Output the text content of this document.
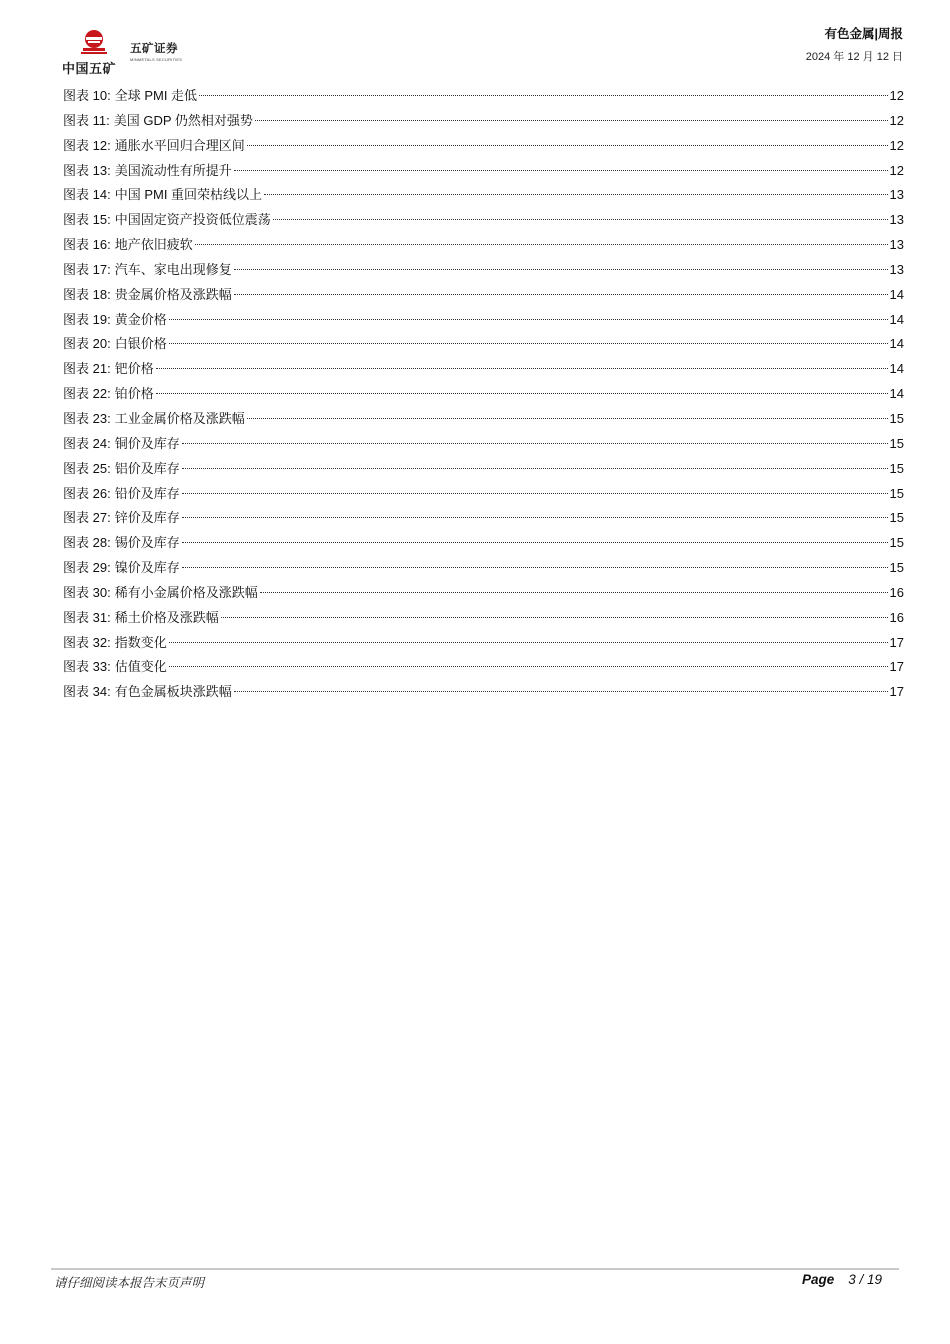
中国五矿
五矿证券
MINMETALS SECURITIES
有色金属|周报
2024 年 12 月 12 日
图表 10: 全球 PMI 走低	12
图表 11: 美国 GDP 仍然相对强势	12
图表 12: 通胀水平回归合理区间	12
图表 13: 美国流动性有所提升	12
图表 14: 中国 PMI 重回荣枯线以上	13
图表 15: 中国固定资产投资低位震荡	13
图表 16: 地产依旧疲软	13
图表 17: 汽车、家电出现修复	13
图表 18: 贵金属价格及涨跌幅	14
图表 19: 黄金价格	14
图表 20: 白银价格	14
图表 21: 钯价格	14
图表 22: 铂价格	14
图表 23: 工业金属价格及涨跌幅	15
图表 24: 铜价及库存	15
图表 25: 铝价及库存	15
图表 26: 铅价及库存	15
图表 27: 锌价及库存	15
图表 28: 锡价及库存	15
图表 29: 镍价及库存	15
图表 30: 稀有小金属价格及涨跌幅	16
图表 31: 稀土价格及涨跌幅	16
图表 32: 指数变化	17
图表 33: 估值变化	17
图表 34: 有色金属板块涨跌幅	17
请仔细阅读本报告末页声明	Page 3 / 19
